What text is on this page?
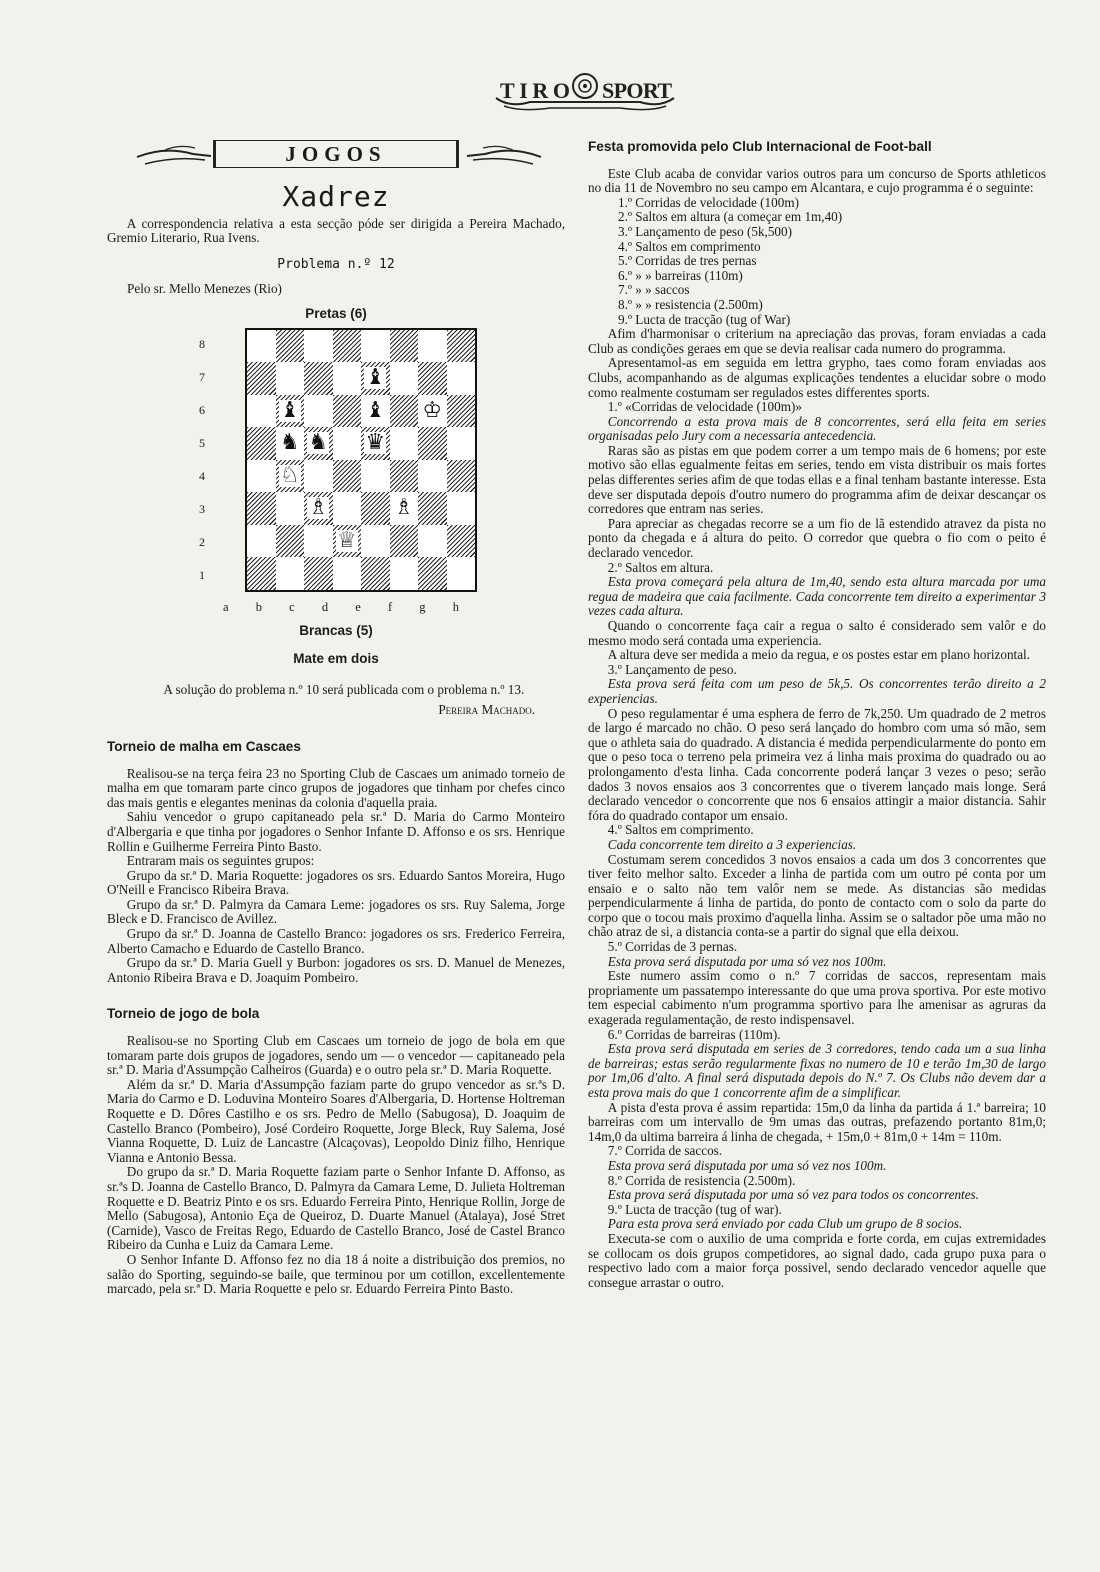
TIRO SPORT
JOGOS
Xadrez

A correspondencia relativa a esta secção póde ser dirigida a Pereira Machado, Gremio Literario, Rua Ivens.

Problema n.º 12

Pelo sr. Mello Menezes (Rio)

Pretas (6)
8
7
6
5
4
3
2
1
♝
♝	♝ ♔
♞ ♞ ♛
♘
♗	♗
♕
a b c d e f g h
Brancas (5)
Mate em dois

A solução do problema n.º 10 será publicada com o problema n.º 13.

Pereira Machado.
Torneio de malha em Cascaes

Realisou-se na terça feira 23 no Sporting Club de Cascaes um animado torneio de malha em que tomaram parte cinco grupos de jogadores que tinham por chefes cinco das mais gentis e elegantes meninas da colonia d'aquella praia.

Sahiu vencedor o grupo capitaneado pela sr.ª D. Maria do Carmo Monteiro d'Albergaria e que tinha por jogadores o Senhor Infante D. Affonso e os srs. Henrique Rollin e Guilherme Ferreira Pinto Basto.

Entraram mais os seguintes grupos:

Grupo da sr.ª D. Maria Roquette: jogadores os srs. Eduardo Santos Moreira, Hugo O'Neill e Francisco Ribeira Brava.

Grupo da sr.ª D. Palmyra da Camara Leme: jogadores os srs. Ruy Salema, Jorge Bleck e D. Francisco de Avillez.

Grupo da sr.ª D. Joanna de Castello Branco: jogadores os srs. Frederico Ferreira, Alberto Camacho e Eduardo de Castello Branco.

Grupo da sr.ª D. Maria Guell y Burbon: jogadores os srs. D. Manuel de Menezes, Antonio Ribeira Brava e D. Joaquim Pombeiro.

Torneio de jogo de bola

Realisou-se no Sporting Club em Cascaes um torneio de jogo de bola em que tomaram parte dois grupos de jogadores, sendo um — o vencedor — capitaneado pela sr.ª D. Maria d'Assumpção Calheiros (Guarda) e o outro pela sr.ª D. Maria Roquette.

Além da sr.ª D. Maria d'Assumpção faziam parte do grupo vencedor as sr.ªs D. Maria do Carmo e D. Loduvina Monteiro Soares d'Albergaria, D. Hortense Holtreman Roquette e D. Dôres Castilho e os srs. Pedro de Mello (Sabugosa), D. Joaquim de Castello Branco (Pombeiro), José Cordeiro Roquette, Jorge Bleck, Ruy Salema, José Vianna Roquette, D. Luiz de Lancastre (Alcaçovas), Leopoldo Diniz filho, Henrique Vianna e Antonio Bessa.

Do grupo da sr.ª D. Maria Roquette faziam parte o Senhor Infante D. Affonso, as sr.ªs D. Joanna de Castello Branco, D. Palmyra da Camara Leme, D. Julieta Holtreman Roquette e D. Beatriz Pinto e os srs. Eduardo Ferreira Pinto, Henrique Rollin, Jorge de Mello (Sabugosa), Antonio Eça de Queiroz, D. Duarte Manuel (Atalaya), José Stret (Carnide), Vasco de Freitas Rego, Eduardo de Castello Branco, José de Castel Branco Ribeiro da Cunha e Luiz da Camara Leme.

O Senhor Infante D. Affonso fez no dia 18 á noite a distribuição dos premios, no salão do Sporting, seguindo-se baile, que terminou por um cotillon, excellentemente marcado, pela sr.ª D. Maria Roquette e pelo sr. Eduardo Ferreira Pinto Basto.

Festa promovida pelo Club Internacional de Foot-ball

Este Club acaba de convidar varios outros para um concurso de Sports athleticos no dia 11 de Novembro no seu campo em Alcantara, e cujo programma é o seguinte:

1.º Corridas de velocidade (100m)

2.º Saltos em altura (a começar em 1m,40)

3.º Lançamento de peso (5k,500)

4.º Saltos em comprimento

5.º Corridas de tres pernas

6.º » » barreiras (110m)

7.º » » saccos

8.º » » resistencia (2.500m)

9.º Lucta de tracção (tug of War)

Afim d'harmonisar o criterium na apreciação das provas, foram enviadas a cada Club as condições geraes em que se devia realisar cada numero do programma.

Apresentamol-as em seguida em lettra grypho, taes como foram enviadas aos Clubs, acompanhando as de algumas explicações tendentes a elucidar sobre o modo como realmente costumam ser regulados estes differentes sports.

1.º «Corridas de velocidade (100m)»

Concorrendo a esta prova mais de 8 concorrentes, será ella feita em series organisadas pelo Jury com a necessaria antecedencia.

Raras são as pistas em que podem correr a um tempo mais de 6 homens; por este motivo são ellas egualmente feitas em series, tendo em vista distribuir os mais fortes pelas differentes series afim de que todas ellas e a final tenham bastante interesse. Esta deve ser disputada depois d'outro numero do programma afim de deixar descançar os corredores que entram nas series.

Para apreciar as chegadas recorre se a um fio de lã estendido atravez da pista no ponto da chegada e á altura do peito. O corredor que quebra o fio com o peito é declarado vencedor.

2.º Saltos em altura.

Esta prova começará pela altura de 1m,40, sendo esta altura marcada por uma regua de madeira que caia facilmente. Cada concorrente tem direito a experimentar 3 vezes cada altura.

Quando o concorrente faça cair a regua o salto é considerado sem valôr e do mesmo modo será contada uma experiencia.

A altura deve ser medida a meio da regua, e os postes estar em plano horizontal.

3.º Lançamento de peso.

Esta prova será feita com um peso de 5k,5. Os concorrentes terão direito a 2 experiencias.

O peso regulamentar é uma esphera de ferro de 7k,250. Um quadrado de 2 metros de largo é marcado no chão. O peso será lançado do hombro com uma só mão, sem que o athleta saia do quadrado. A distancia é medida perpendicularmente do ponto em que o peso toca o terreno pela primeira vez á linha mais proxima do quadrado ou ao prolongamento d'esta linha. Cada concorrente poderá lançar 3 vezes o peso; serão dados 3 novos ensaios aos 3 concorrentes que o tiverem lançado mais longe. Será declarado vencedor o concorrente que nos 6 ensaios attingir a maior distancia. Sahir fóra do quadrado contapor um ensaio.

4.º Saltos em comprimento.

Cada concorrente tem direito a 3 experiencias.

Costumam serem concedidos 3 novos ensaios a cada um dos 3 concorrentes que tiver feito melhor salto. Exceder a linha de partida com um outro pé conta por um ensaio e o salto não tem valôr nem se mede. As distancias são medidas perpendicularmente á linha de partida, do ponto de contacto com o solo da parte do corpo que o tocou mais proximo d'aquella linha. Assim se o saltador põe uma mão no chão atraz de si, a distancia conta-se a partir do signal que ella deixou.

5.º Corridas de 3 pernas.

Esta prova será disputada por uma só vez nos 100m.

Este numero assim como o n.º 7 corridas de saccos, representam mais propriamente um passatempo interessante do que uma prova sportiva. Por este motivo tem especial cabimento n'um programma sportivo para lhe amenisar as agruras da exagerada regulamentação, de resto indispensavel.

6.º Corridas de barreiras (110m).

Esta prova será disputada em series de 3 corredores, tendo cada um a sua linha de barreiras; estas serão regularmente fixas no numero de 10 e terão 1m,30 de largo por 1m,06 d'alto. A final será disputada depois do N.º 7. Os Clubs não devem dar a esta prova mais do que 1 concorrente afim de a simplificar.

A pista d'esta prova é assim repartida: 15m,0 da linha da partida á 1.ª barreira; 10 barreiras com um intervallo de 9m umas das outras, prefazendo portanto 81m,0; 14m,0 da ultima barreira á linha de chegada, + 15m,0 + 81m,0 + 14m = 110m.

7.º Corrida de saccos.

Esta prova será disputada por uma só vez nos 100m.

8.º Corrida de resistencia (2.500m).

Esta prova será disputada por uma só vez para todos os concorrentes.

9.º Lucta de tracção (tug of war).

Para esta prova será enviado por cada Club um grupo de 8 socios.

Executa-se com o auxilio de uma comprida e forte corda, em cujas extremidades se collocam os dois grupos competidores, ao signal dado, cada grupo puxa para o respectivo lado com a maior força possivel, sendo declarado vencedor aquelle que consegue arrastar o outro.
